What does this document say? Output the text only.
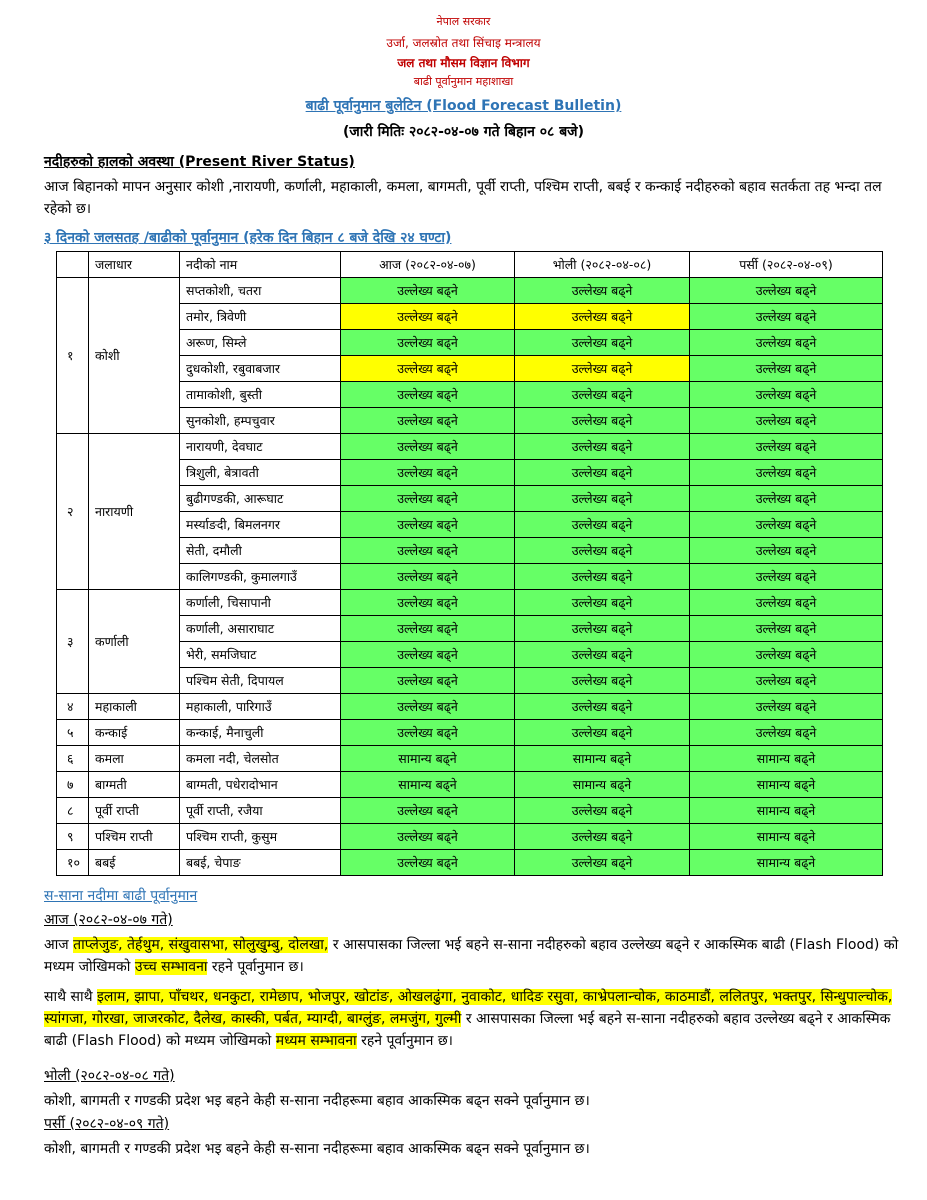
नेपाल सरकार
उर्जा, जलस्रोत तथा सिंचाइ मन्त्रालय
जल तथा मौसम विज्ञान विभाग
बाढी पूर्वानुमान महाशाखा
बाढी पूर्वानुमान बुलेटिन (Flood Forecast Bulletin)
(जारी मितिः २०८२-०४-०७ गते बिहान ०८ बजे)
नदीहरुको हालको अवस्था (Present River Status)
आज बिहानको मापन अनुसार कोशी ,नारायणी, कर्णाली, महाकाली, कमला, बागमती, पूर्वी राप्ती, पश्चिम राप्ती, बबई र कन्काई नदीहरुको बहाव सतर्कता तह भन्दा तल रहेको छ।
३ दिनको जलसतह /बाढीको पूर्वानुमान (हरेक दिन बिहान ८ बजे देखि २४ घण्टा)
	जलाधार	नदीको नाम	आज (२०८२-०४-०७)	भोली (२०८२-०४-०८)	पर्सी (२०८२-०४-०९)
१	कोशी	सप्तकोशी, चतरा	उल्लेख्य बढ्ने	उल्लेख्य बढ्ने	उल्लेख्य बढ्ने
		तमोर, त्रिवेणी	उल्लेख्य बढ्ने	उल्लेख्य बढ्ने	उल्लेख्य बढ्ने
		अरूण, सिम्ले	उल्लेख्य बढ्ने	उल्लेख्य बढ्ने	उल्लेख्य बढ्ने
		दुधकोशी, रबुवाबजार	उल्लेख्य बढ्ने	उल्लेख्य बढ्ने	उल्लेख्य बढ्ने
		तामाकोशी, बुस्ती	उल्लेख्य बढ्ने	उल्लेख्य बढ्ने	उल्लेख्य बढ्ने
		सुनकोशी, हम्पचुवार	उल्लेख्य बढ्ने	उल्लेख्य बढ्ने	उल्लेख्य बढ्ने
२	नारायणी	नारायणी, देवघाट	उल्लेख्य बढ्ने	उल्लेख्य बढ्ने	उल्लेख्य बढ्ने
		त्रिशुली, बेत्रावती	उल्लेख्य बढ्ने	उल्लेख्य बढ्ने	उल्लेख्य बढ्ने
		बुढीगण्डकी, आरूघाट	उल्लेख्य बढ्ने	उल्लेख्य बढ्ने	उल्लेख्य बढ्ने
		मर्स्याङदी, बिमलनगर	उल्लेख्य बढ्ने	उल्लेख्य बढ्ने	उल्लेख्य बढ्ने
		सेती, दमौली	उल्लेख्य बढ्ने	उल्लेख्य बढ्ने	उल्लेख्य बढ्ने
		कालिगण्डकी, कुमालगाउँ	उल्लेख्य बढ्ने	उल्लेख्य बढ्ने	उल्लेख्य बढ्ने
३	कर्णाली	कर्णाली, चिसापानी	उल्लेख्य बढ्ने	उल्लेख्य बढ्ने	उल्लेख्य बढ्ने
		कर्णाली, असाराघाट	उल्लेख्य बढ्ने	उल्लेख्य बढ्ने	उल्लेख्य बढ्ने
		भेरी, समजिघाट	उल्लेख्य बढ्ने	उल्लेख्य बढ्ने	उल्लेख्य बढ्ने
		पश्चिम सेती, दिपायल	उल्लेख्य बढ्ने	उल्लेख्य बढ्ने	उल्लेख्य बढ्ने
४	महाकाली	महाकाली, पारिगाउँ	उल्लेख्य बढ्ने	उल्लेख्य बढ्ने	उल्लेख्य बढ्ने
५	कन्काई	कन्काई, मैनाचुली	उल्लेख्य बढ्ने	उल्लेख्य बढ्ने	उल्लेख्य बढ्ने
६	कमला	कमला नदी, चेलसोत	सामान्य बढ्ने	सामान्य बढ्ने	सामान्य बढ्ने
७	बाग्मती	बाग्मती, पधेरादोभान	सामान्य बढ्ने	सामान्य बढ्ने	सामान्य बढ्ने
८	पूर्वी राप्ती	पूर्वी राप्ती, रजैया	उल्लेख्य बढ्ने	उल्लेख्य बढ्ने	सामान्य बढ्ने
९	पश्चिम राप्ती	पश्चिम राप्ती, कुसुम	उल्लेख्य बढ्ने	उल्लेख्य बढ्ने	सामान्य बढ्ने
१०	बबई	बबई, चेपाङ	उल्लेख्य बढ्ने	उल्लेख्य बढ्ने	सामान्य बढ्ने
स-साना नदीमा बाढी पूर्वानुमान
आज (२०८२-०४-०७ गते)
आज ताप्लेजुङ, तेर्हथुम, संखुवासभा, सोलुखुम्बु, दोलखा, र आसपासका जिल्ला भई बहने स-साना नदीहरुको बहाव उल्लेख्य बढ्ने र आकस्मिक बाढी (Flash Flood) को मध्यम जोखिमको उच्च सम्भावना रहने पूर्वानुमान छ।
साथै साथै इलाम, झापा, पाँचथर, धनकुटा, रामेछाप, भोजपुर, खोटांङ, ओखलढुंगा, नुवाकोट, धादिङ रसुवा, काभ्रेपलान्चोक, काठमाडौं, ललितपुर, भक्तपुर, सिन्धुपाल्चोक, स्यांगजा, गोरखा, जाजरकोट, दैलेख, कास्की, पर्बत, म्याग्दी, बाग्लुंङ, लमजुंग, गुल्मी र आसपासका जिल्ला भई बहने स-साना नदीहरुको बहाव उल्लेख्य बढ्ने र आकस्मिक बाढी (Flash Flood) को मध्यम जोखिमको मध्यम सम्भावना रहने पूर्वानुमान छ।
भोली (२०८२-०४-०८ गते)
कोशी, बागमती र गण्डकी प्रदेश भइ बहने केही स-साना नदीहरूमा बहाव आकस्मिक बढ्न सक्ने पूर्वानुमान छ।
पर्सी (२०८२-०४-०९ गते)
कोशी, बागमती र गण्डकी प्रदेश भइ बहने केही स-साना नदीहरूमा बहाव आकस्मिक बढ्न सक्ने पूर्वानुमान छ।
